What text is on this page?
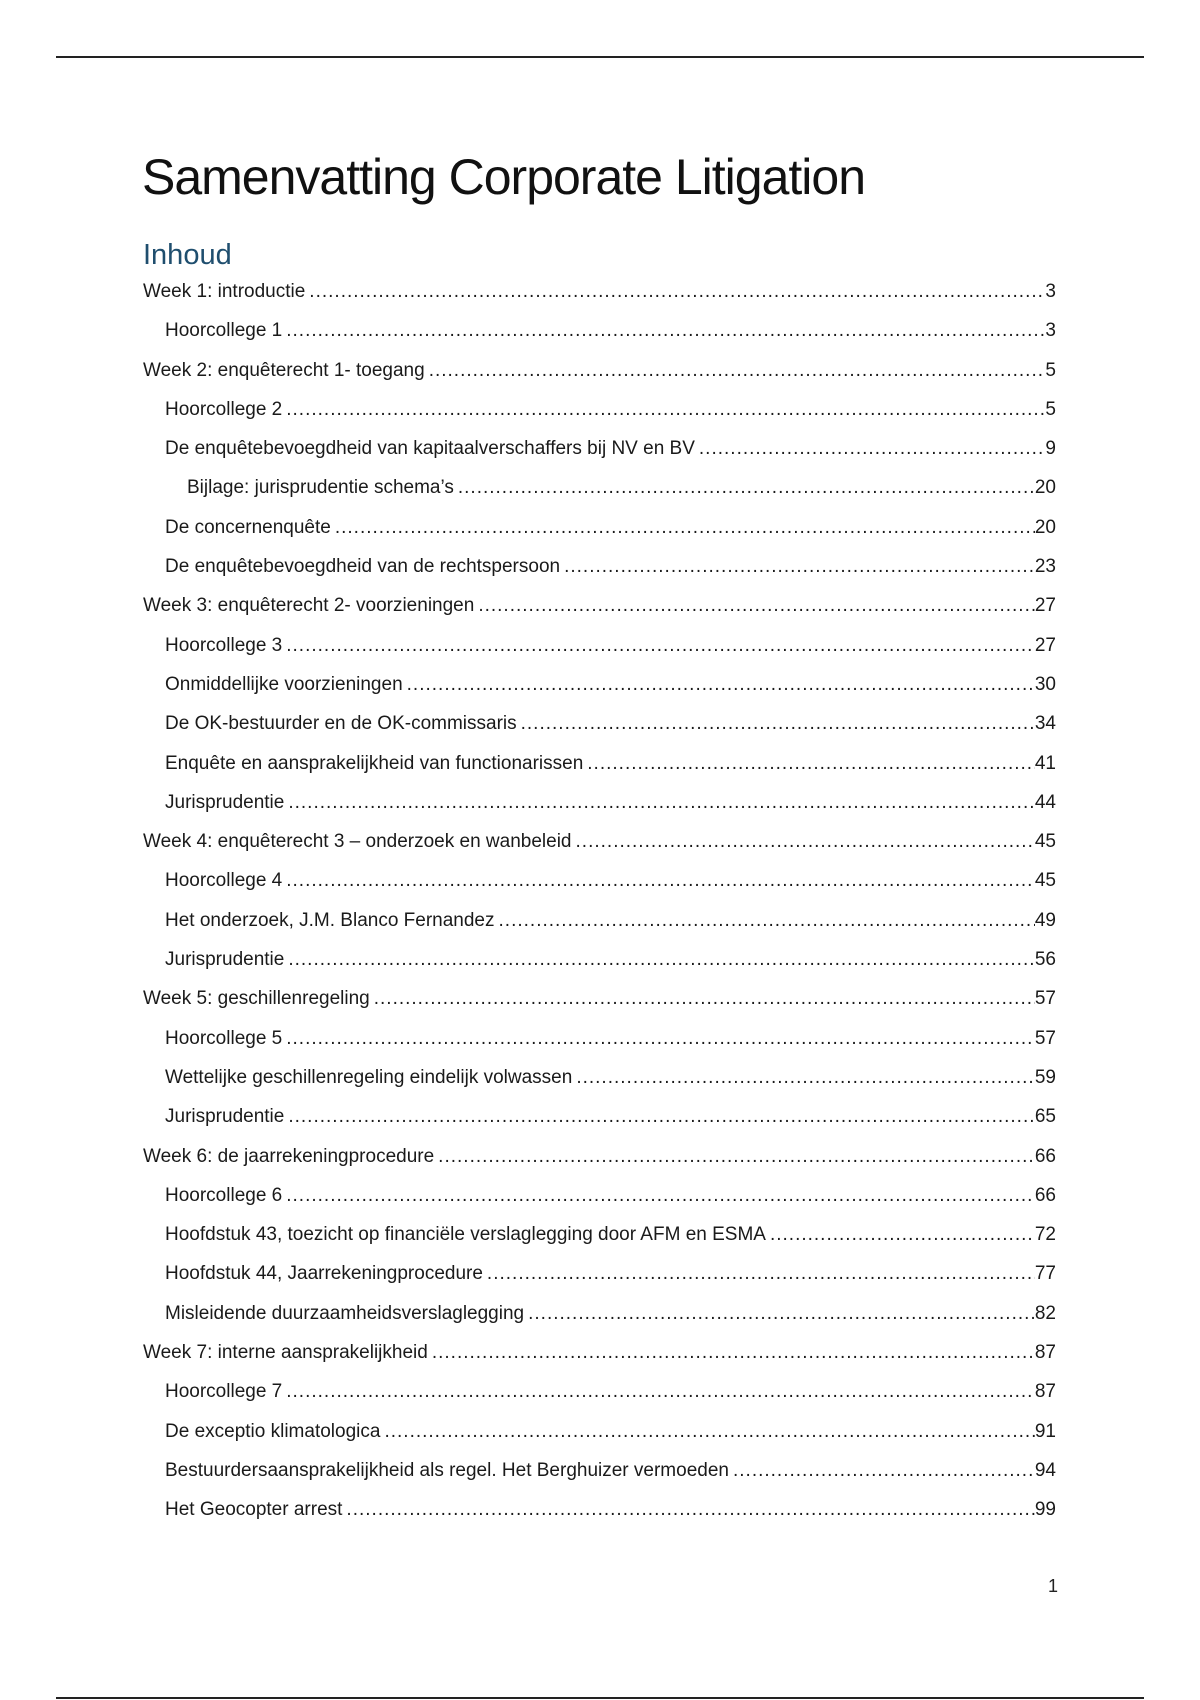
Samenvatting Corporate Litigation
Inhoud
Week 1: introductie .....	3
Hoorcollege 1 .....	3
Week 2: enquêterecht 1- toegang .....	5
Hoorcollege 2 .....	5
De enquêtebevoegdheid van kapitaalverschaffers bij NV en BV .....	9
Bijlage: jurisprudentie schema’s .....	20
De concernenquête .....	20
De enquêtebevoegdheid van de rechtspersoon .....	23
Week 3: enquêterecht 2- voorzieningen .....	27
Hoorcollege 3 .....	27
Onmiddellijke voorzieningen .....	30
De OK-bestuurder en de OK-commissaris .....	34
Enquête en aansprakelijkheid van functionarissen .....	41
Jurisprudentie .....	44
Week 4: enquêterecht 3 – onderzoek en wanbeleid .....	45
Hoorcollege 4 .....	45
Het onderzoek, J.M. Blanco Fernandez .....	49
Jurisprudentie .....	56
Week 5: geschillenregeling .....	57
Hoorcollege 5 .....	57
Wettelijke geschillenregeling eindelijk volwassen .....	59
Jurisprudentie .....	65
Week 6: de jaarrekeningprocedure .....	66
Hoorcollege 6 .....	66
Hoofdstuk 43, toezicht op financiële verslaglegging door AFM en ESMA .....	72
Hoofdstuk 44, Jaarrekeningprocedure .....	77
Misleidende duurzaamheidsverslaglegging .....	82
Week 7: interne aansprakelijkheid .....	87
Hoorcollege 7 .....	87
De exceptio klimatologica .....	91
Bestuurdersaansprakelijkheid als regel. Het Berghuizer vermoeden .....	94
Het Geocopter arrest .....	99
1
